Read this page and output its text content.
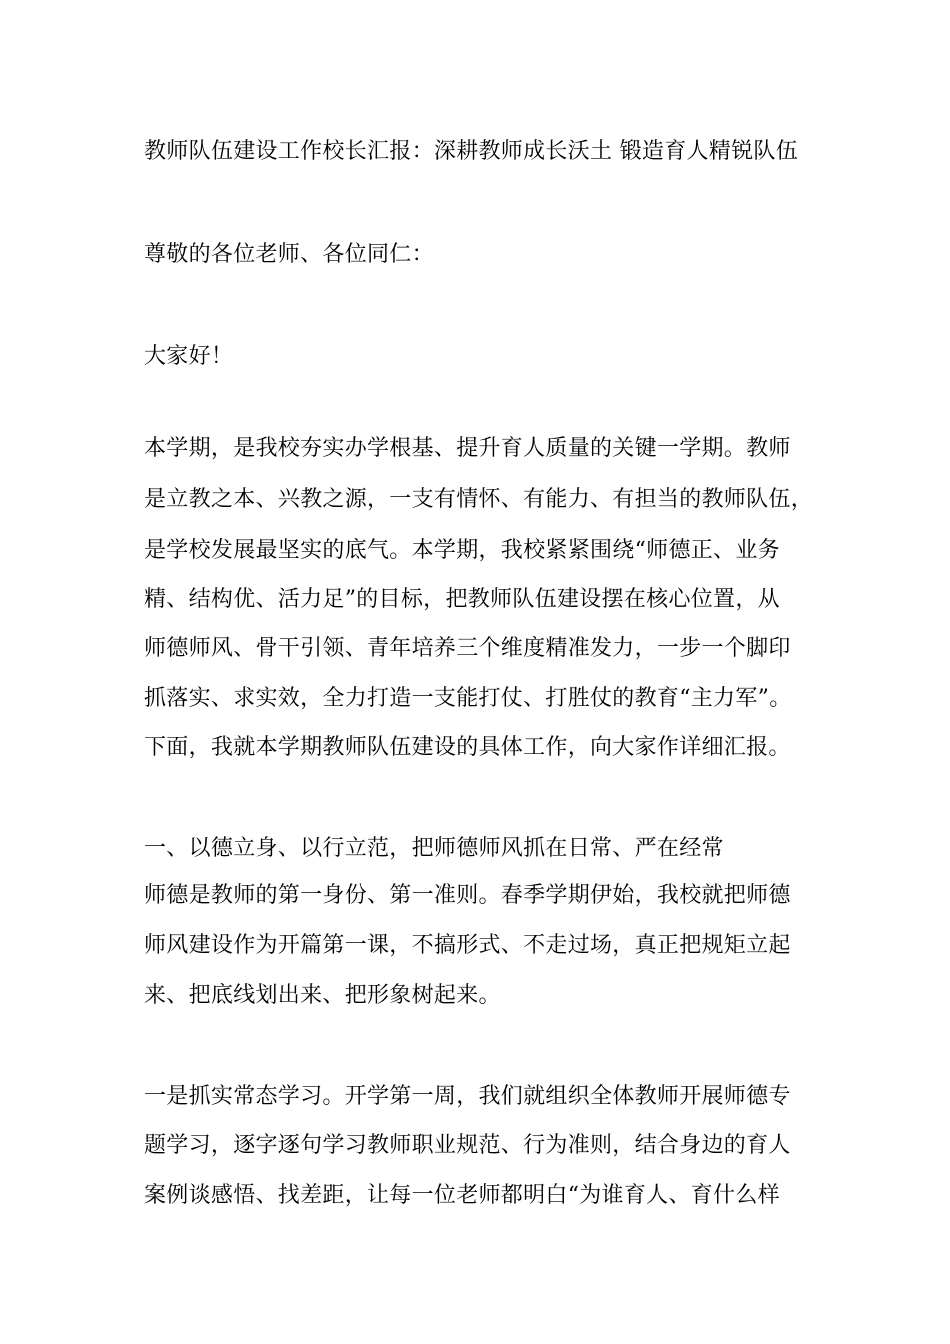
教师队伍建设工作校长汇报：深耕教师成长沃土 锻造育人精锐队伍
尊敬的各位老师、各位同仁：
大家好！
本学期，是我校夯实办学根基、提升育人质量的关键一学期。教师
是立教之本、兴教之源，一支有情怀、有能力、有担当的教师队伍，
是学校发展最坚实的底气。本学期，我校紧紧围绕“师德正、业务
精、结构优、活力足”的目标，把教师队伍建设摆在核心位置，从
师德师风、骨干引领、青年培养三个维度精准发力，一步一个脚印
抓落实、求实效，全力打造一支能打仗、打胜仗的教育“主力军”。
下面，我就本学期教师队伍建设的具体工作，向大家作详细汇报。
一、以德立身、以行立范，把师德师风抓在日常、严在经常
师德是教师的第一身份、第一准则。春季学期伊始，我校就把师德
师风建设作为开篇第一课，不搞形式、不走过场，真正把规矩立起
来、把底线划出来、把形象树起来。
一是抓实常态学习。开学第一周，我们就组织全体教师开展师德专
题学习，逐字逐句学习教师职业规范、行为准则，结合身边的育人
案例谈感悟、找差距，让每一位老师都明白“为谁育人、育什么样
